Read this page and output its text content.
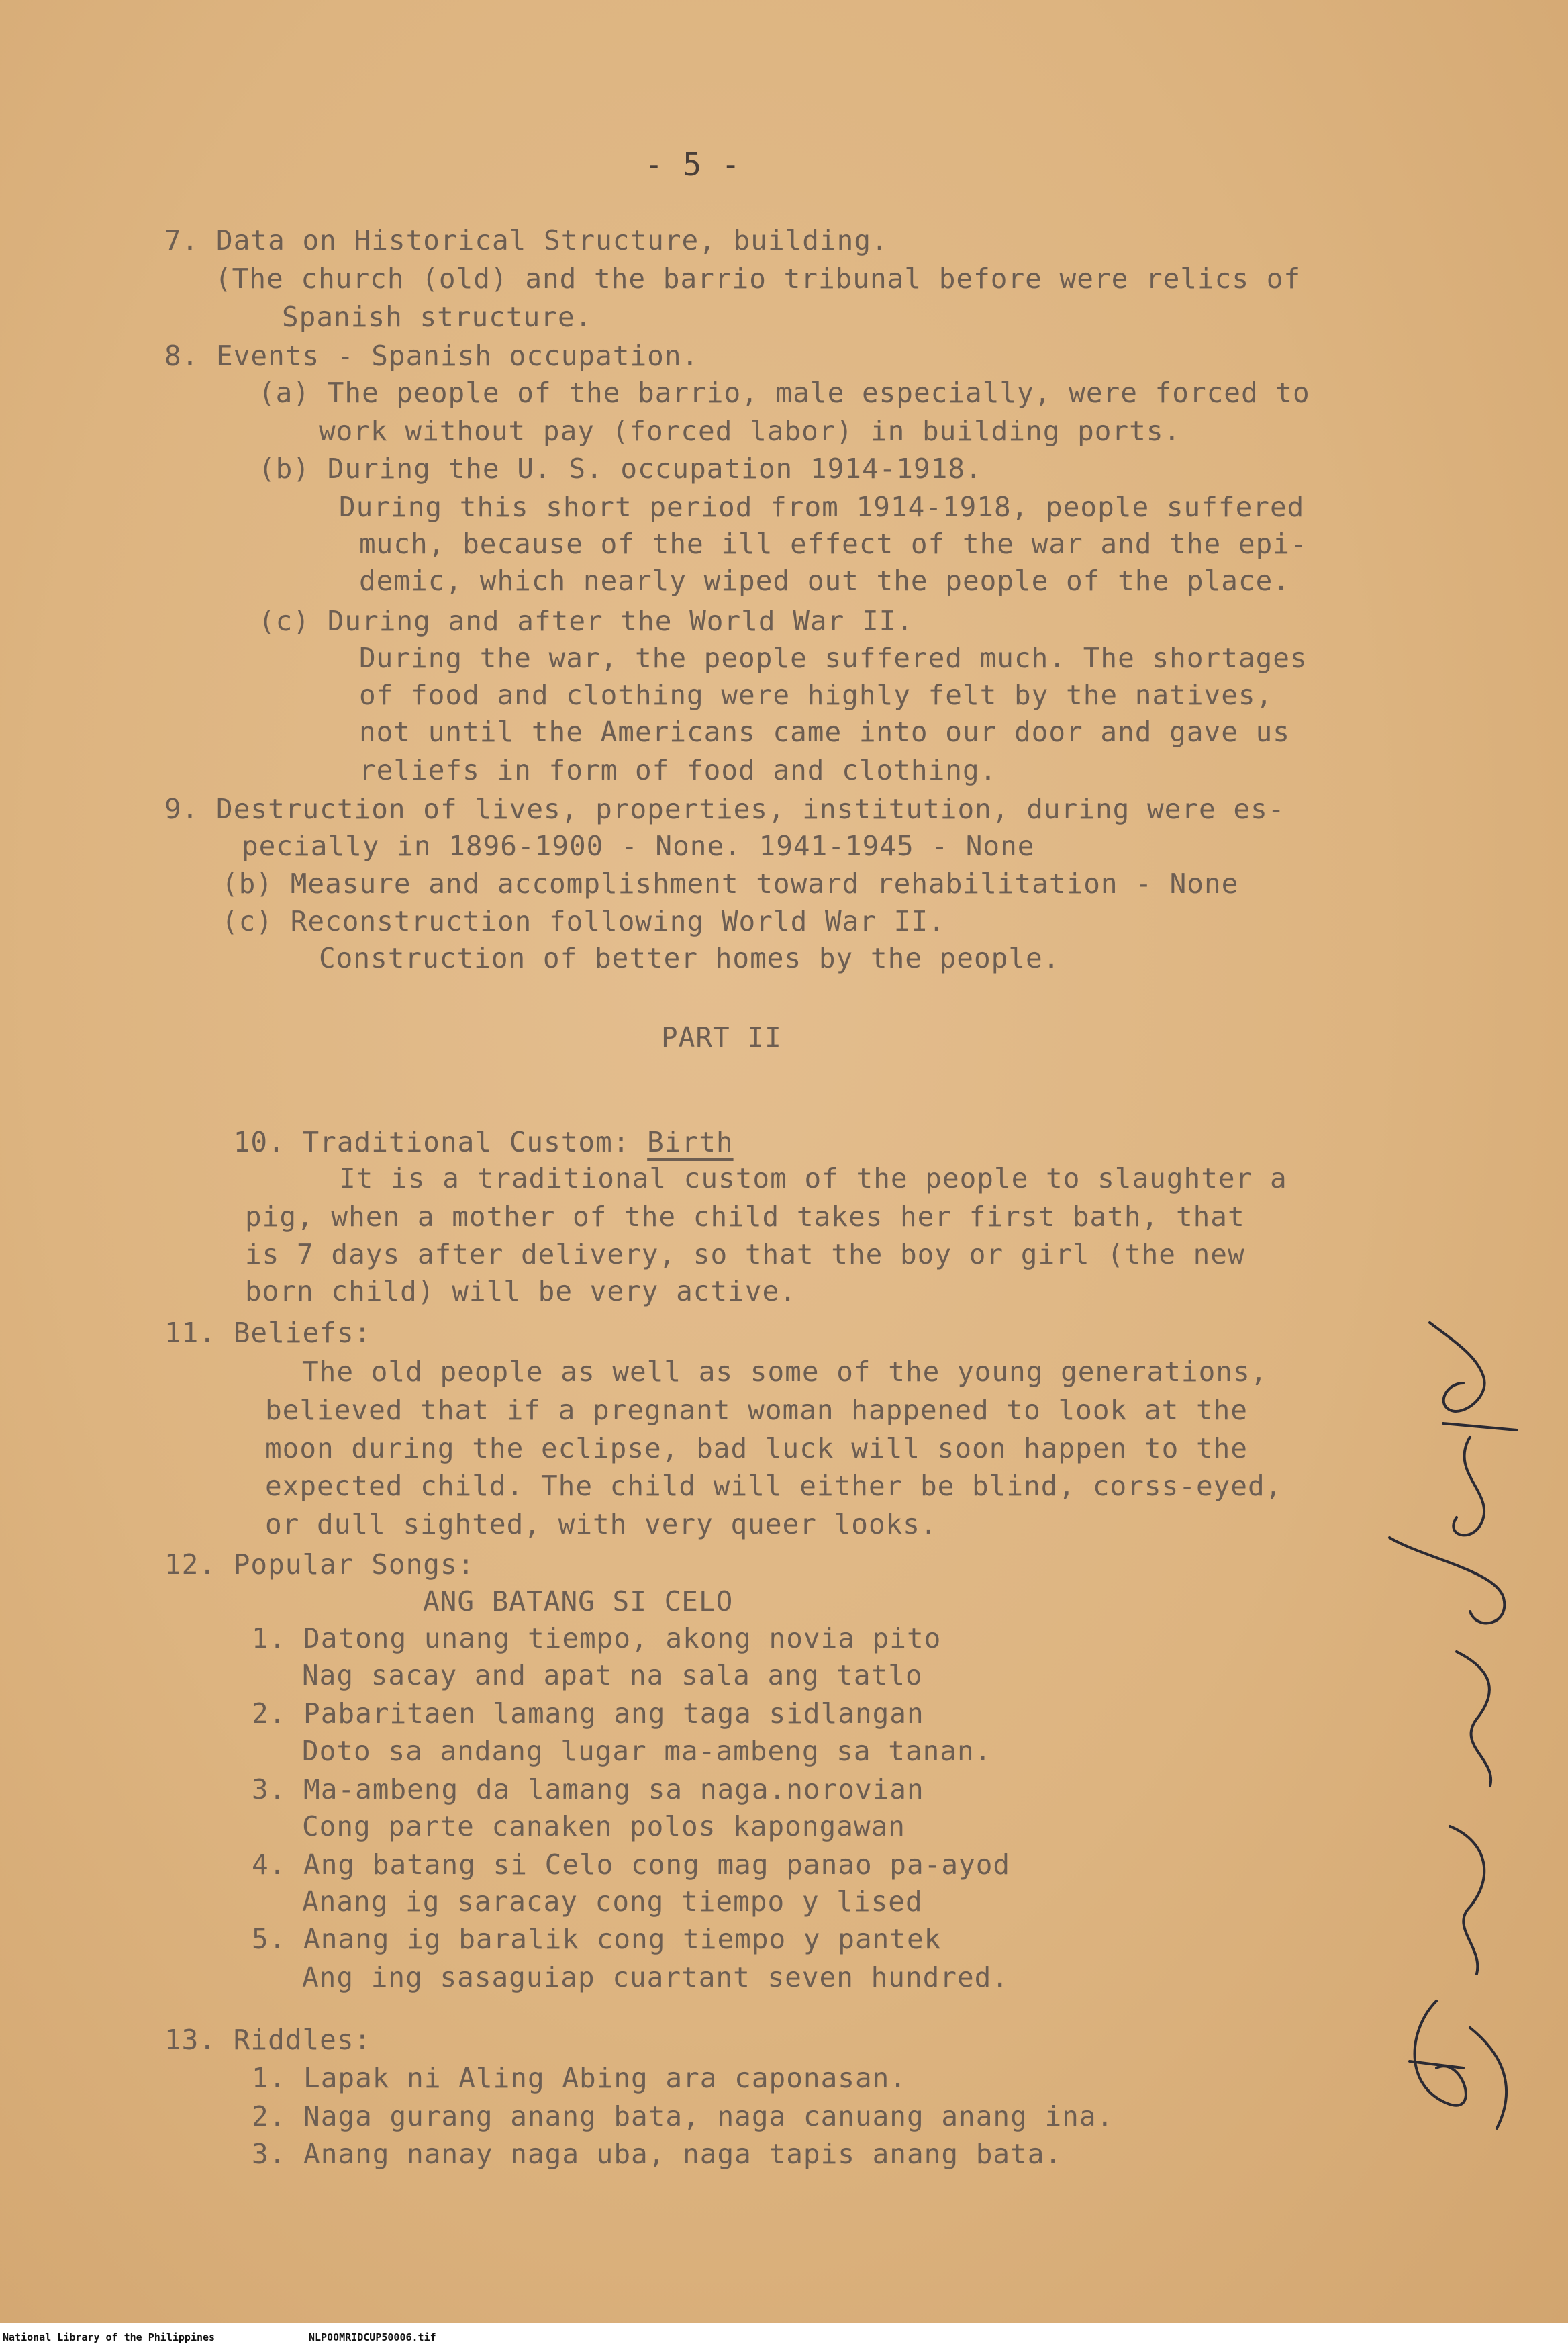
- 5 -
7. Data on Historical Structure, building.
(The church (old) and the barrio tribunal before were relics of
Spanish structure.
8. Events - Spanish occupation.
(a) The people of the barrio, male especially, were forced to
work without pay (forced labor) in building ports.
(b) During the U. S. occupation 1914-1918.
During this short period from 1914-1918, people suffered
much, because of the ill effect of the war and the epi-
demic, which nearly wiped out the people of the place.
(c) During and after the World War II.
During the war, the people suffered much. The shortages
of food and clothing were highly felt by the natives,
not until the Americans came into our door and gave us
reliefs in form of food and clothing.
9. Destruction of lives, properties, institution, during were es-
pecially in 1896-1900 - None. 1941-1945 - None
(b) Measure and accomplishment toward rehabilitation - None
(c) Reconstruction following World War II.
Construction of better homes by the people.
PART II

10. Traditional Custom: Birth

It is a traditional custom of the people to slaughter a
pig, when a mother of the child takes her first bath, that
is 7 days after delivery, so that the boy or girl (the new
born child) will be very active.
11. Beliefs:
The old people as well as some of the young generations,
believed that if a pregnant woman happened to look at the
moon during the eclipse, bad luck will soon happen to the
expected child. The child will either be blind, corss-eyed,
or dull sighted, with very queer looks.
12. Popular Songs:
ANG BATANG SI CELO
1. Datong unang tiempo, akong novia pito
Nag sacay and apat na sala ang tatlo
2. Pabaritaen lamang ang taga sidlangan
Doto sa andang lugar ma-ambeng sa tanan.
3. Ma-ambeng da lamang sa naga.norovian
Cong parte canaken polos kapongawan
4. Ang batang si Celo cong mag panao pa-ayod
Anang ig saracay cong tiempo y lised
5. Anang ig baralik cong tiempo y pantek
Ang ing sasaguiap cuartant seven hundred.
13. Riddles:
1. Lapak ni Aling Abing ara caponasan.
2. Naga gurang anang bata, naga canuang anang ina.
3. Anang nanay naga uba, naga tapis anang bata.
National Library of the Philippines	NLP00MRIDCUP50006.tif
